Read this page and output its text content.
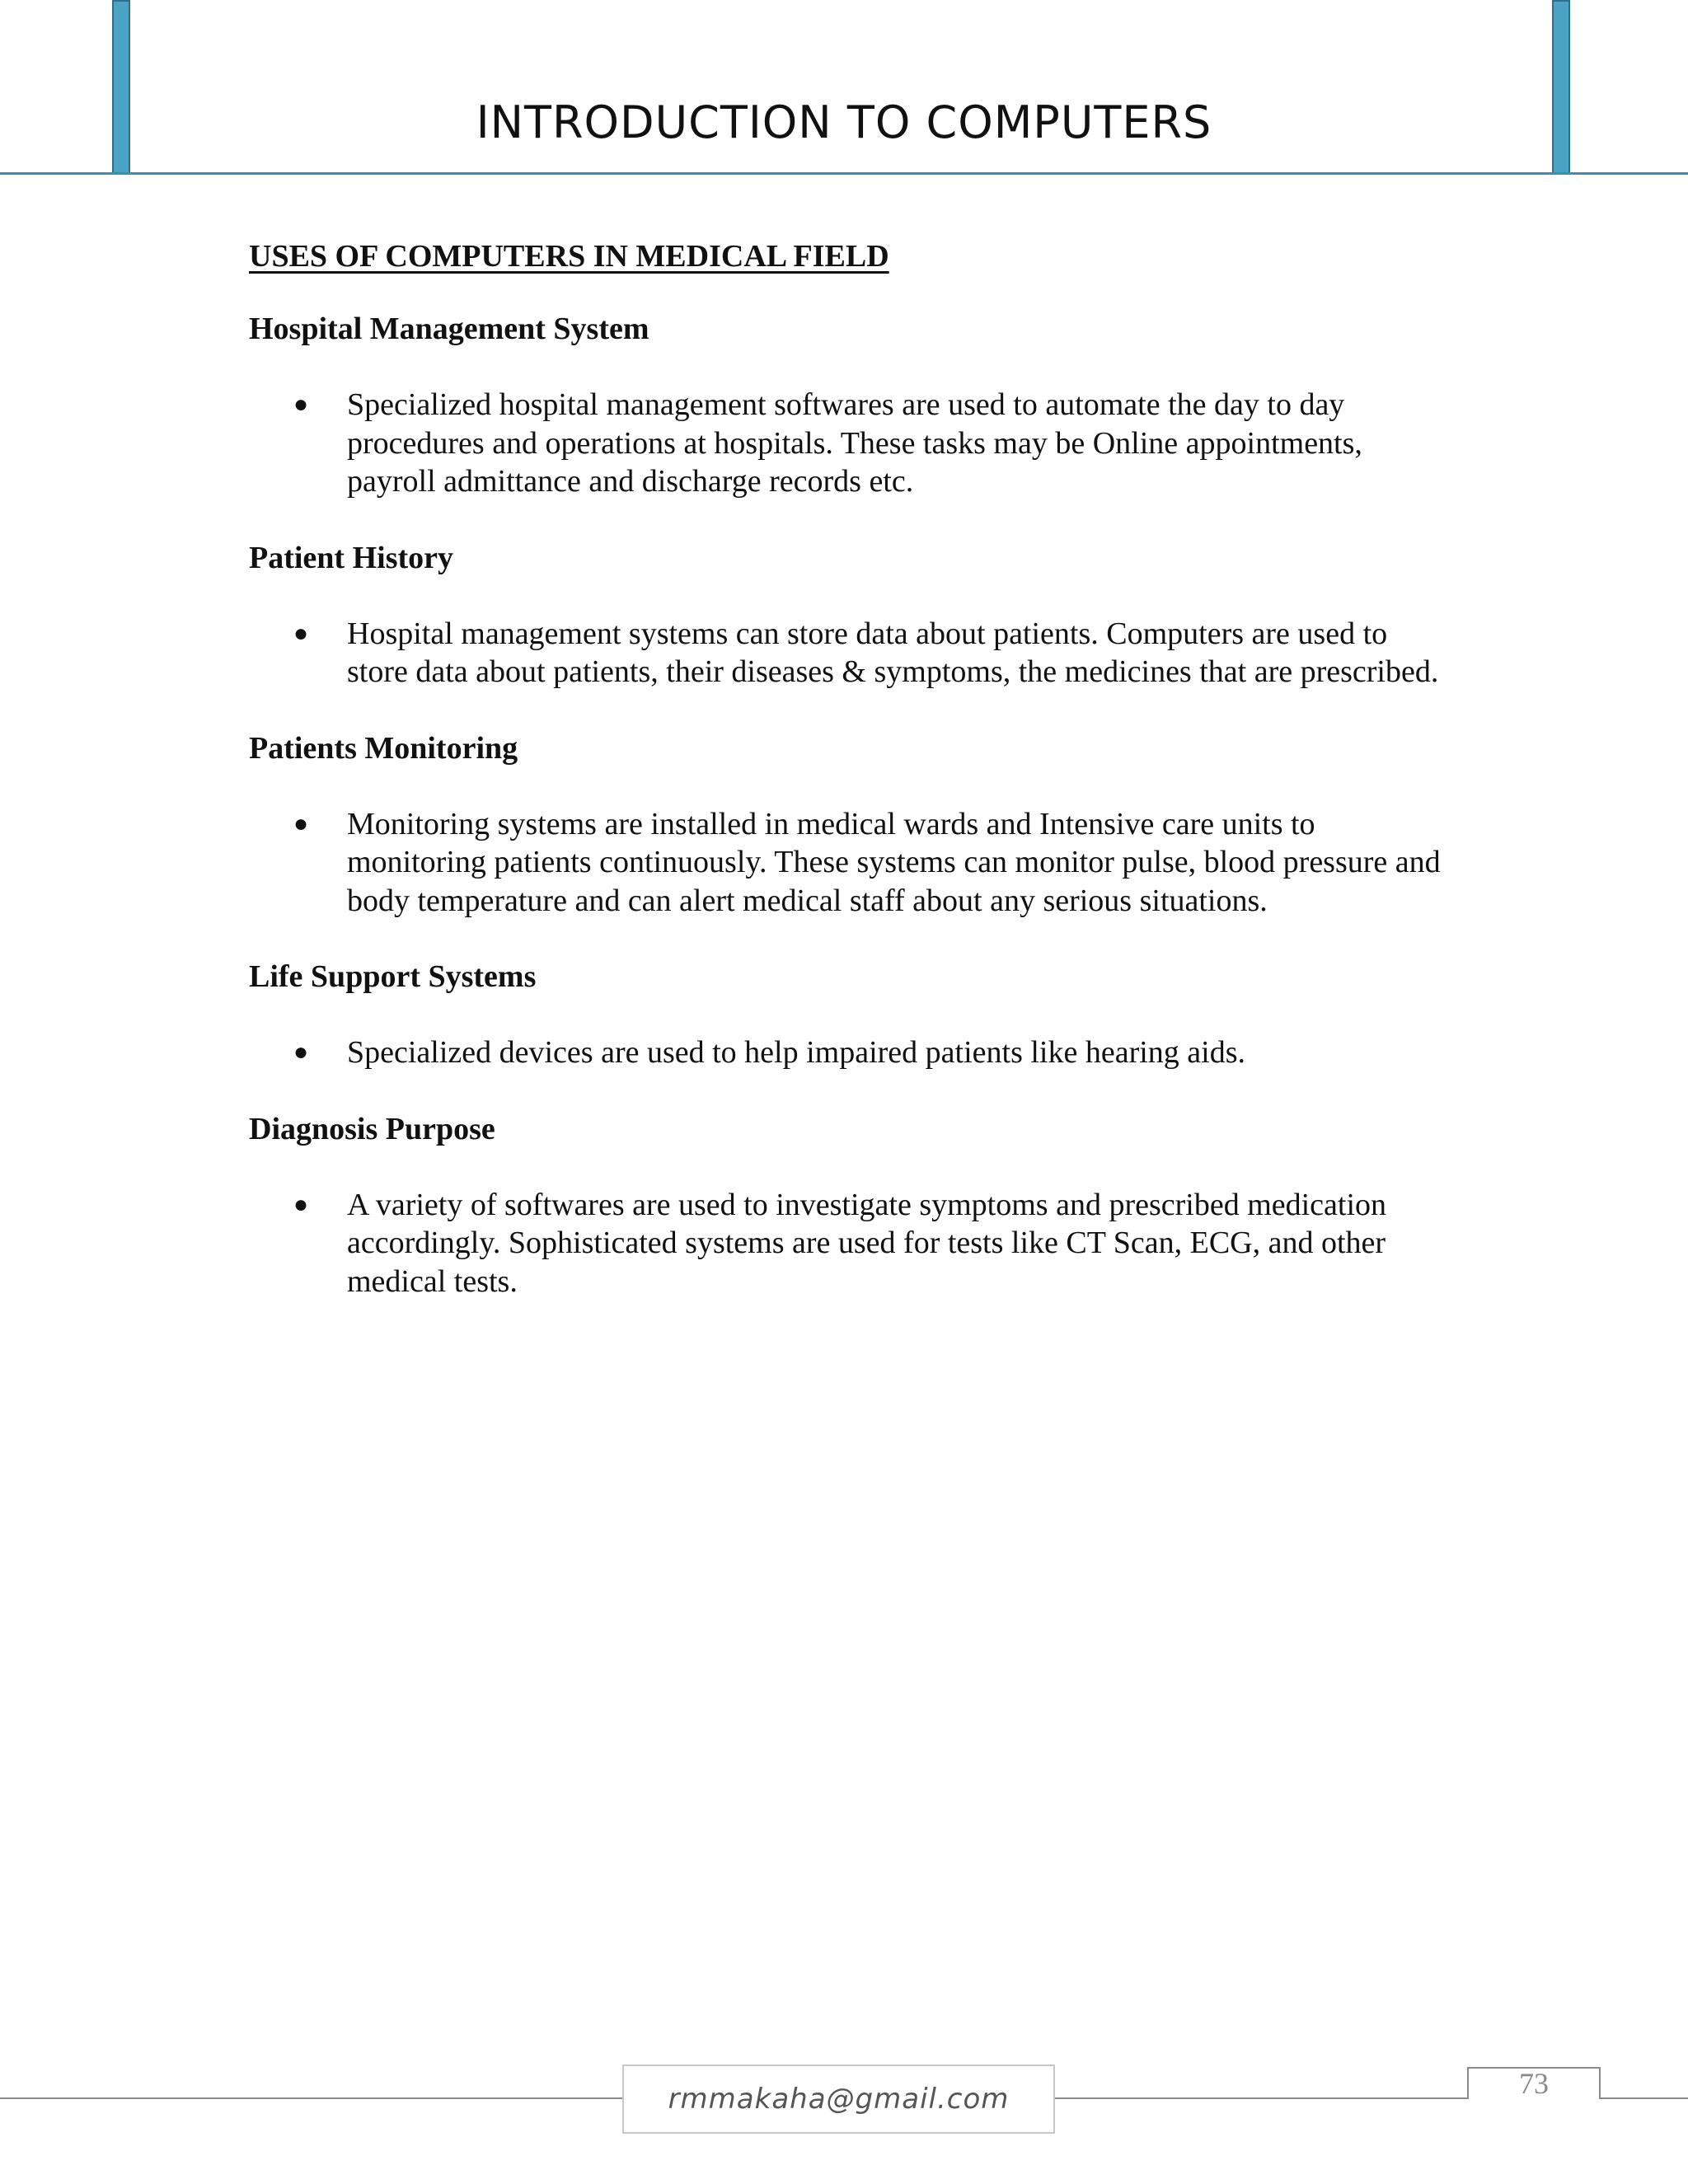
INTRODUCTION TO COMPUTERS
USES OF COMPUTERS IN MEDICAL FIELD
Hospital Management System
● Specialized hospital management softwares are used to automate the day to day procedures and operations at hospitals. These tasks may be Online appointments, payroll admittance and discharge records etc.
Patient History
● Hospital management systems can store data about patients. Computers are used to store data about patients, their diseases & symptoms, the medicines that are prescribed.
Patients Monitoring
● Monitoring systems are installed in medical wards and Intensive care units to monitoring patients continuously. These systems can monitor pulse, blood pressure and body temperature and can alert medical staff about any serious situations.
Life Support Systems
● Specialized devices are used to help impaired patients like hearing aids.
Diagnosis Purpose
● A variety of softwares are used to investigate symptoms and prescribed medication accordingly. Sophisticated systems are used for tests like CT Scan, ECG, and other medical tests.
rmmakaha@gmail.com	73
